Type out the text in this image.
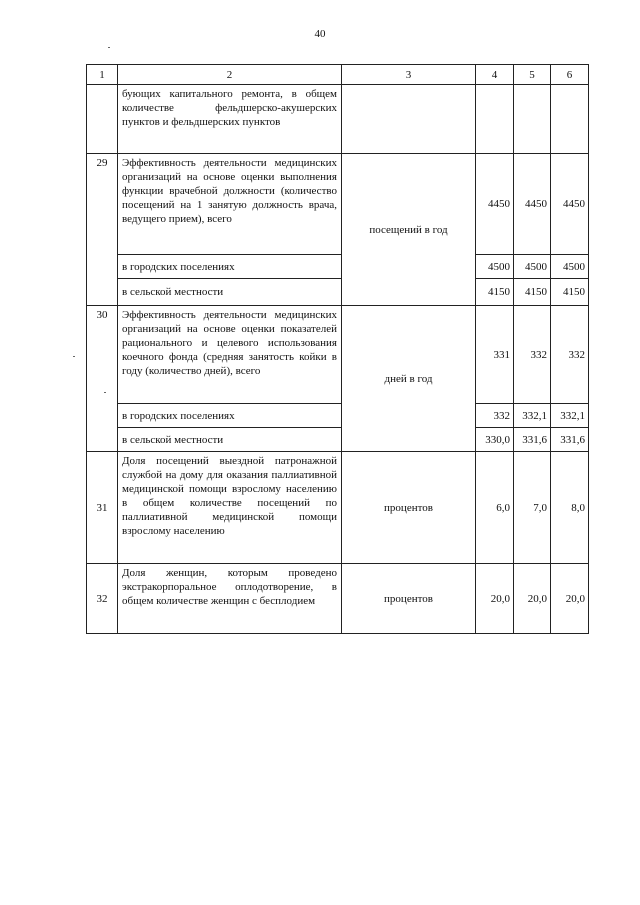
40
1	2	3	4	5	6
	бующих капитального ремонта, в общем количестве фельдшерско-акушерских пунктов и фельдшерских пунктов				
29	Эффективность деятельности медицинских организаций на основе оценки выполнения функции врачебной должности (количество посещений на 1 занятую должность врача, ведущего прием), всего	посещений в год	4450	4450	4450
	в городских поселениях		4500	4500	4500
	в сельской местности		4150	4150	4150
30	Эффективность деятельности медицинских организаций на основе оценки показателей рационального и целевого использования коечного фонда (средняя занятость койки в году (количество дней), всего	дней в год	331	332	332
	в городских поселениях		332	332,1	332,1
	в сельской местности		330,0	331,6	331,6
31	Доля посещений выездной патронажной службой на дому для оказания паллиативной медицинской помощи взрослому населению в общем количестве посещений по паллиативной медицинской помощи взрослому населению	процентов	6,0	7,0	8,0
32	Доля женщин, которым проведено экстракорпоральное оплодотворение, в общем количестве женщин с бесплодием	процентов	20,0	20,0	20,0
